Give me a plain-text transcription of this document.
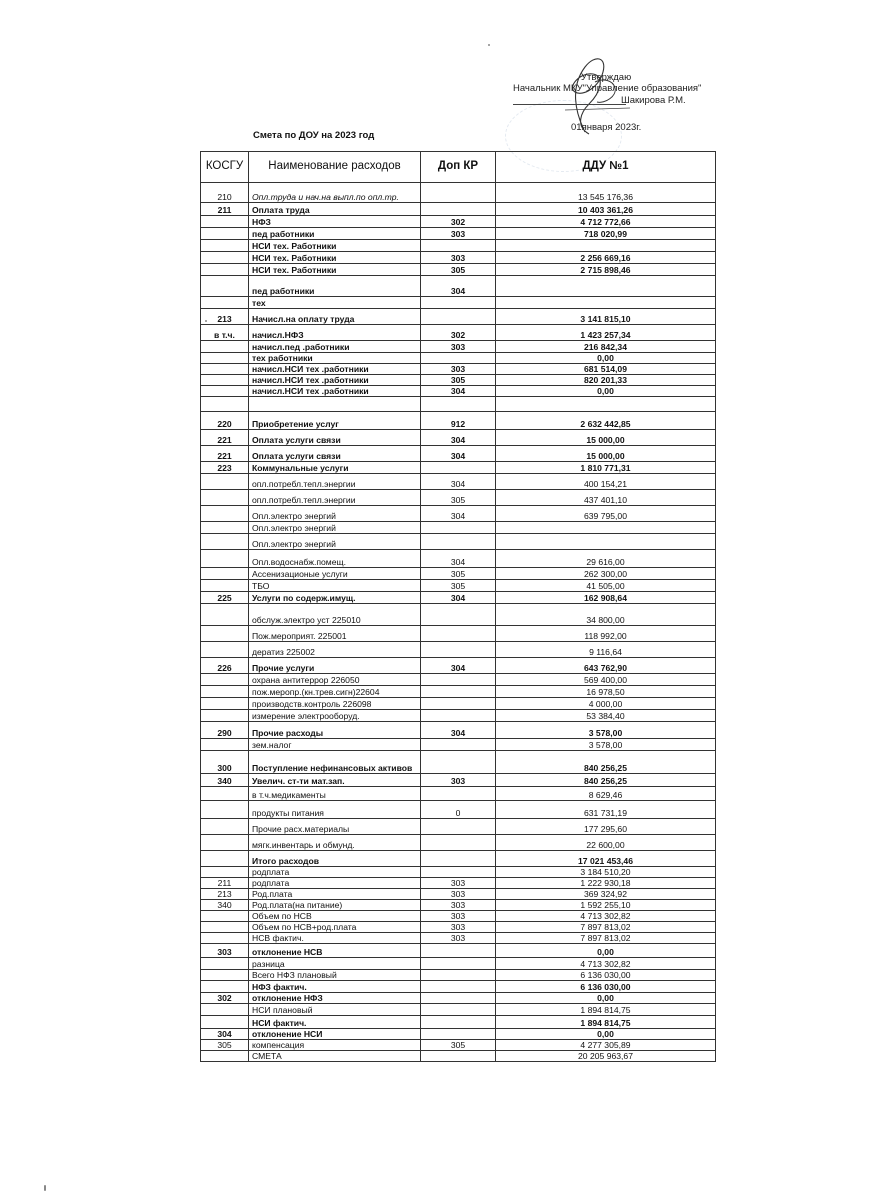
Утверждаю
Начальник МКУ"Управление образования"
Шакирова Р.М.
01января 2023г.
Смета по ДОУ на 2023 год
КОСГУ	Наименование расходов	Доп КР	ДДУ №1
210	Опл.труда и нач.на выпл.по опл.тр.		13 545 176,36
211	Оплата труда		10 403 361,26
	НФЗ	302	4 712 772,66
	пед работники	303	718 020,99
	НСИ тех. Работники		
	НСИ тех. Работники	303	2 256 669,16
	НСИ тех. Работники	305	2 715 898,46
	пед работники	304	
	тех		
213	Начисл.на оплату труда		3 141 815,10
в т.ч.	начисл.НФЗ	302	1 423 257,34
	начисл.пед .работники	303	216 842,34
	тех работники		0,00
	начисл.НСИ тех .работники	303	681 514,09
	начисл.НСИ тех .работники	305	820 201,33
	начисл.НСИ тех .работники	304	0,00

220	Приобретение услуг	912	2 632 442,85
221	Оплата услуги связи	304	15 000,00
221	Оплата услуги связи	304	15 000,00
223	Коммунальные услуги		1 810 771,31
	опл.потребл.тепл.энергии	304	400 154,21
	опл.потребл.тепл.энергии	305	437 401,10
	Опл.электро энергий	304	639 795,00
	Опл.электро энергий		
	Опл.электро энергий		
	Опл.водоснабж.помещ.	304	29 616,00
	Ассенизационые услуги	305	262 300,00
	ТБО	305	41 505,00
225	Услуги по содерж.имущ.	304	162 908,64
	обслуж.электро уст 225010		34 800,00
	Пож.мероприят. 225001		118 992,00
	дератиз 225002		9 116,64
226	Прочие услуги	304	643 762,90
	охрана антитеррор 226050		569 400,00
	пож.меропр.(кн.трев.сигн)22604		16 978,50
	производств.контроль 226098		4 000,00
	измерение электрооборуд.		53 384,40
290	Прочие расходы	304	3 578,00
	зем.налог		3 578,00
300	Поступление нефинансовых активов		840 256,25
340	Увелич. ст-ти мат.зап.	303	840 256,25
	в т.ч.медикаменты		8 629,46
	продукты питания	0	631 731,19
	Прочие расх.материалы		177 295,60
	мягк.инвентарь и обмунд.		22 600,00
	Итого расходов		17 021 453,46
	родплата		3 184 510,20
211	родплата	303	1 222 930,18
213	Род.плата	303	369 324,92
340	Род.плата(на питание)	303	1 592 255,10
	Объем по НСВ	303	4 713 302,82
	Объем по НСВ+род.плата	303	7 897 813,02
	НСВ фактич.	303	7 897 813,02
303	отклонение НСВ		0,00
	разница		4 713 302,82
	Всего НФЗ плановый		6 136 030,00
	НФЗ фактич.		6 136 030,00
302	отклонение НФЗ		0,00
	НСИ плановый		1 894 814,75
	НСИ фактич.		1 894 814,75
304	отклонение НСИ		0,00
305	компенсация	305	4 277 305,89
	СМЕТА		20 205 963,67
